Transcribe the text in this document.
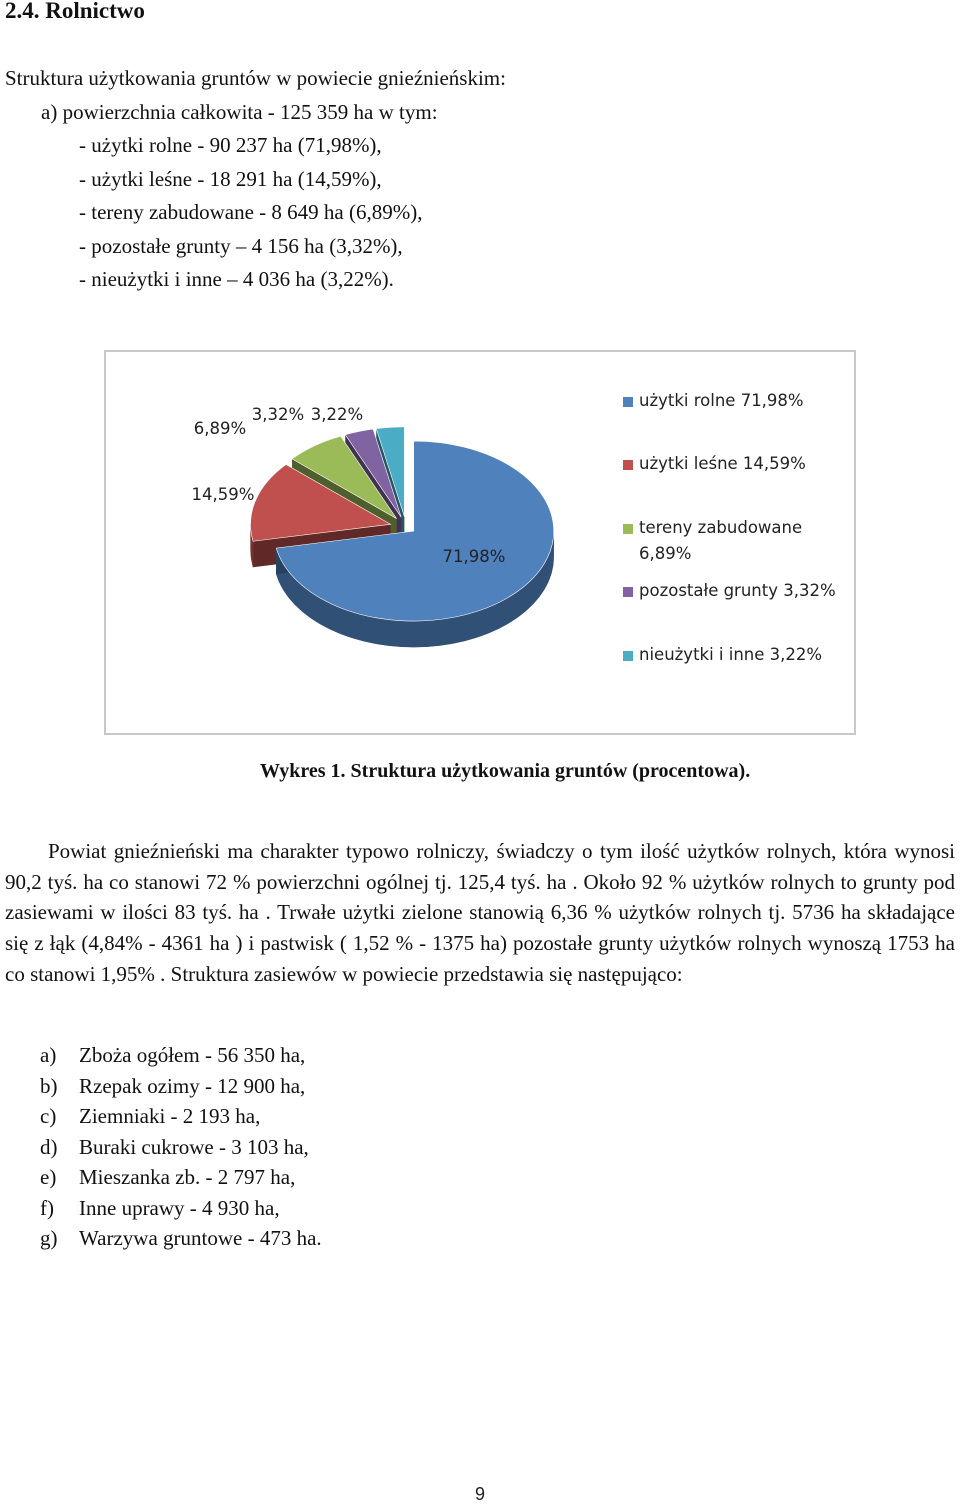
2.4. Rolnictwo

Struktura użytkowania gruntów w powiecie gnieźnieńskim:

a) powierzchnia całkowita - 125 359 ha w tym:

- użytki rolne - 90 237 ha (71,98%),

- użytki leśne - 18 291 ha (14,59%),

- tereny zabudowane - 8 649 ha (6,89%),

- pozostałe grunty – 4 156 ha (3,32%),

- nieużytki i inne – 4 036 ha (3,22%).

71,98%
14,59%
6,89%
3,32% 3,22%
użytki rolne 71,98%
użytki leśne 14,59%
tereny zabudowane 6,89%
pozostałe grunty 3,32%
nieużytki i inne 3,22%

Wykres 1. Struktura użytkowania gruntów (procentowa).

Powiat gnieźnieński ma charakter typowo rolniczy, świadczy o tym ilość użytków rolnych, która wynosi 90,2 tyś. ha co stanowi 72 % powierzchni ogólnej tj. 125,4 tyś. ha . Około 92 % użytków rolnych to grunty pod zasiewami w ilości 83 tyś. ha . Trwałe użytki zielone stanowią 6,36 % użytków rolnych tj. 5736 ha składające się z łąk (4,84% - 4361 ha ) i pastwisk ( 1,52 % - 1375 ha) pozostałe grunty użytków rolnych wynoszą 1753 ha co stanowi 1,95% . Struktura zasiewów w powiecie przedstawia się następująco:

a) Zboża ogółem - 56 350 ha,
b) Rzepak ozimy - 12 900 ha,
c) Ziemniaki - 2 193 ha,
d) Buraki cukrowe - 3 103 ha,
e) Mieszanka zb. - 2 797 ha,
f) Inne uprawy - 4 930 ha,
g) Warzywa gruntowe - 473 ha.
9
